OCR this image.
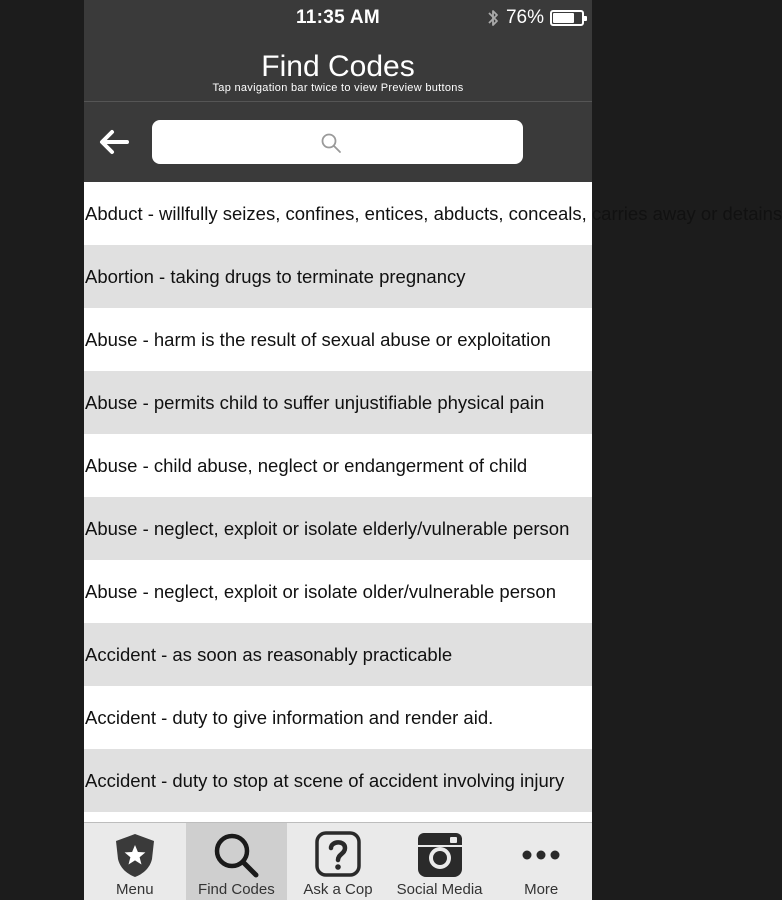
11:35 AM	76%
Find Codes
Tap navigation bar twice to view Preview buttons
Abduct - willfully seizes, confines, entices, abducts, conceals, carries away or detains
Abortion - taking drugs to terminate pregnancy
Abuse - harm is the result of sexual abuse or exploitation
Abuse - permits child to suffer unjustifiable physical pain
Abuse - child abuse, neglect or endangerment of child
Abuse - neglect, exploit or isolate elderly/vulnerable person
Abuse - neglect, exploit or isolate older/vulnerable person
Accident - as soon as reasonably practicable
Accident - duty to give information and render aid.
Accident - duty to stop at scene of accident involving injury
Menu	Find Codes	Ask a Cop	Social Media	More
